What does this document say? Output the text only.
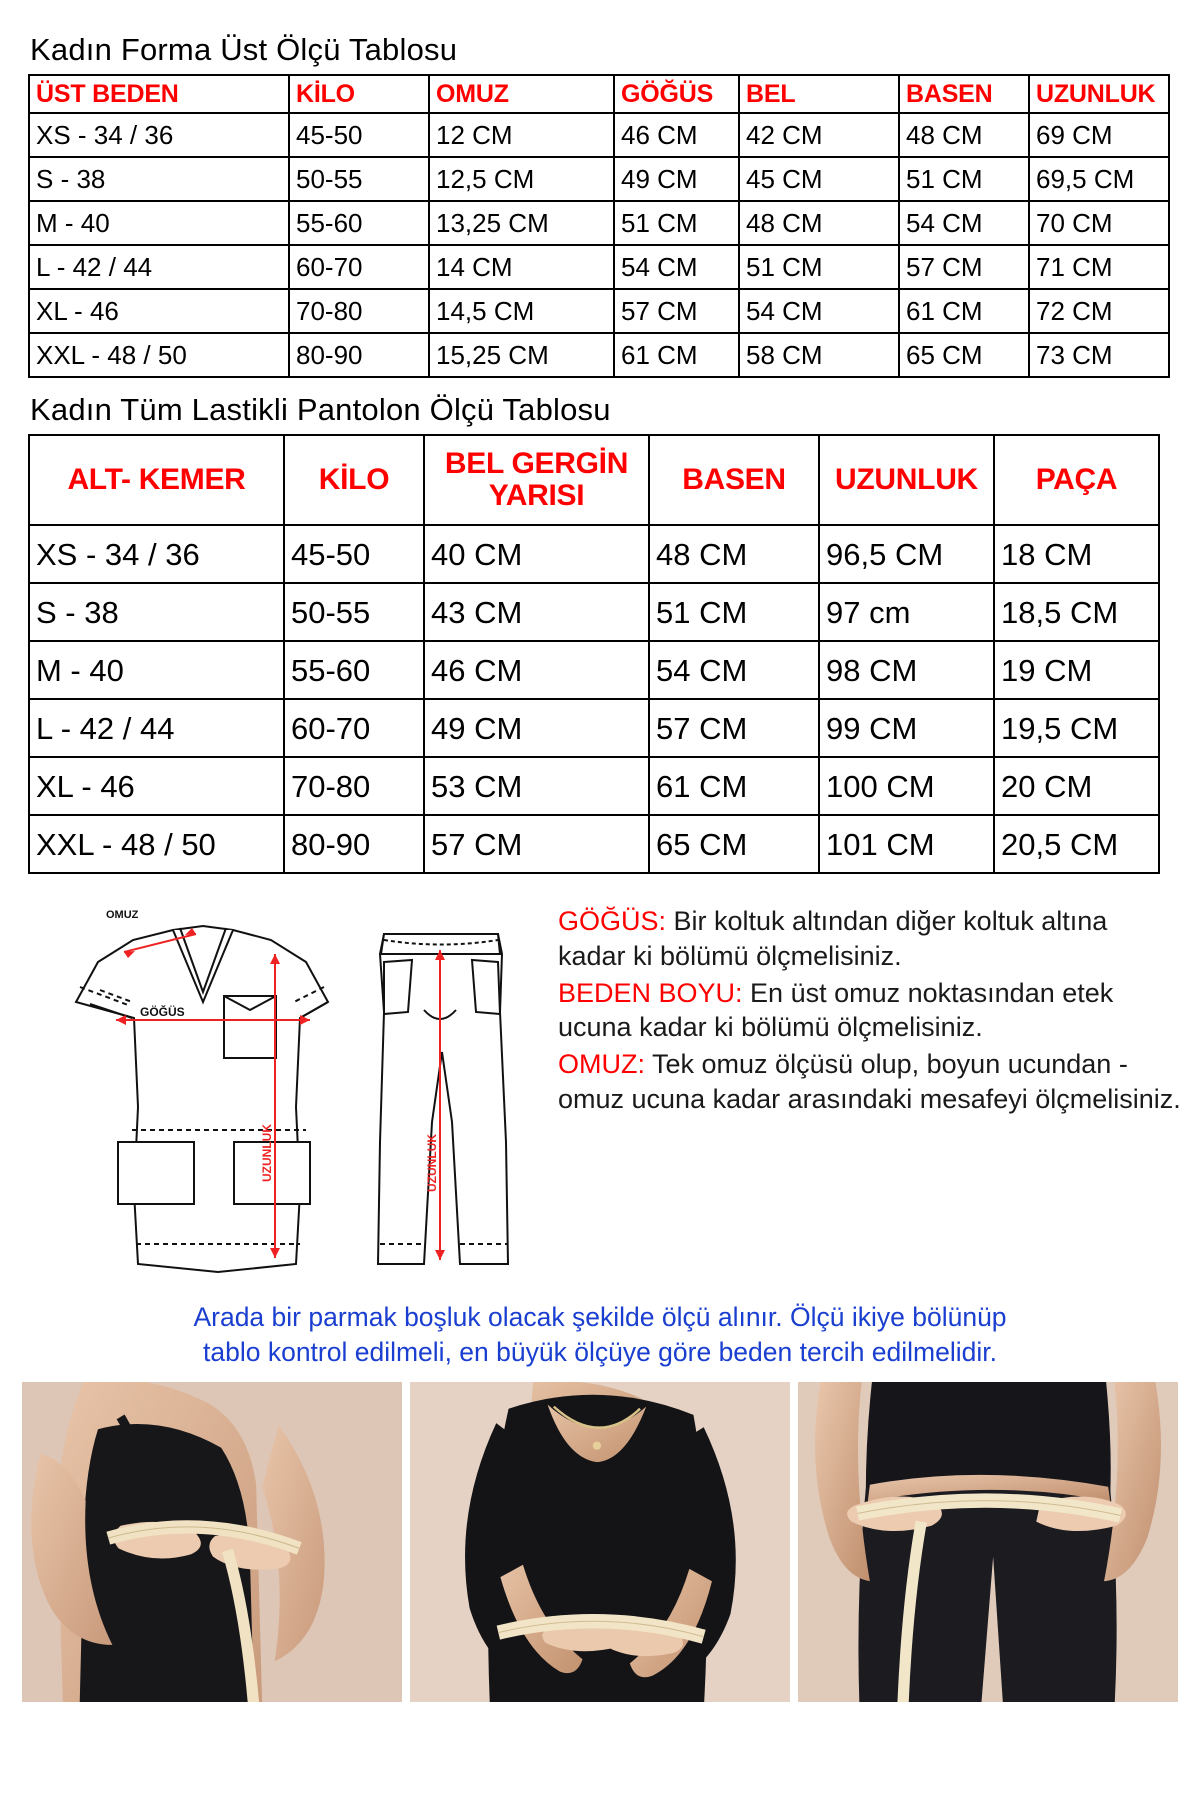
Kadın Forma Üst Ölçü Tablosu
ÜST BEDEN	KİLO	OMUZ	GÖĞÜS	BEL	BASEN	UZUNLUK
XS - 34 / 36	45-50	12 CM	46 CM	42 CM	48 CM	69 CM
S - 38	50-55	12,5 CM	49 CM	45 CM	51 CM	69,5 CM
M - 40	55-60	13,25 CM	51 CM	48 CM	54 CM	70 CM
L - 42 / 44	60-70	14 CM	54 CM	51 CM	57 CM	71 CM
XL - 46	70-80	14,5 CM	57 CM	54 CM	61 CM	72 CM
XXL - 48 / 50	80-90	15,25 CM	61 CM	58 CM	65 CM	73 CM
Kadın Tüm Lastikli Pantolon Ölçü Tablosu
ALT- KEMER	KİLO	BEL GERGİN YARISI	BASEN	UZUNLUK	PAÇA
XS - 34 / 36	45-50	40 CM	48 CM	96,5 CM	18 CM
S - 38	50-55	43 CM	51 CM	97 cm	18,5 CM
M - 40	55-60	46 CM	54 CM	98 CM	19 CM
L - 42 / 44	60-70	49 CM	57 CM	99 CM	19,5 CM
XL - 46	70-80	53 CM	61 CM	100 CM	20 CM
XXL - 48 / 50	80-90	57 CM	65 CM	101 CM	20,5 CM
OMUZ
GÖĞÜS
UZUNLUK	UZUNLUK

GÖĞÜS: Bir koltuk altından diğer koltuk altına kadar ki bölümü ölçmelisiniz.

BEDEN BOYU: En üst omuz noktasından etek ucuna kadar ki bölümü ölçmelisiniz.

OMUZ: Tek omuz ölçüsü olup, boyun ucundan - omuz ucuna kadar arasındaki mesafeyi ölçmelisiniz.

Arada bir parmak boşluk olacak şekilde ölçü alınır. Ölçü ikiye bölünüp
tablo kontrol edilmeli, en büyük ölçüye göre beden tercih edilmelidir.
